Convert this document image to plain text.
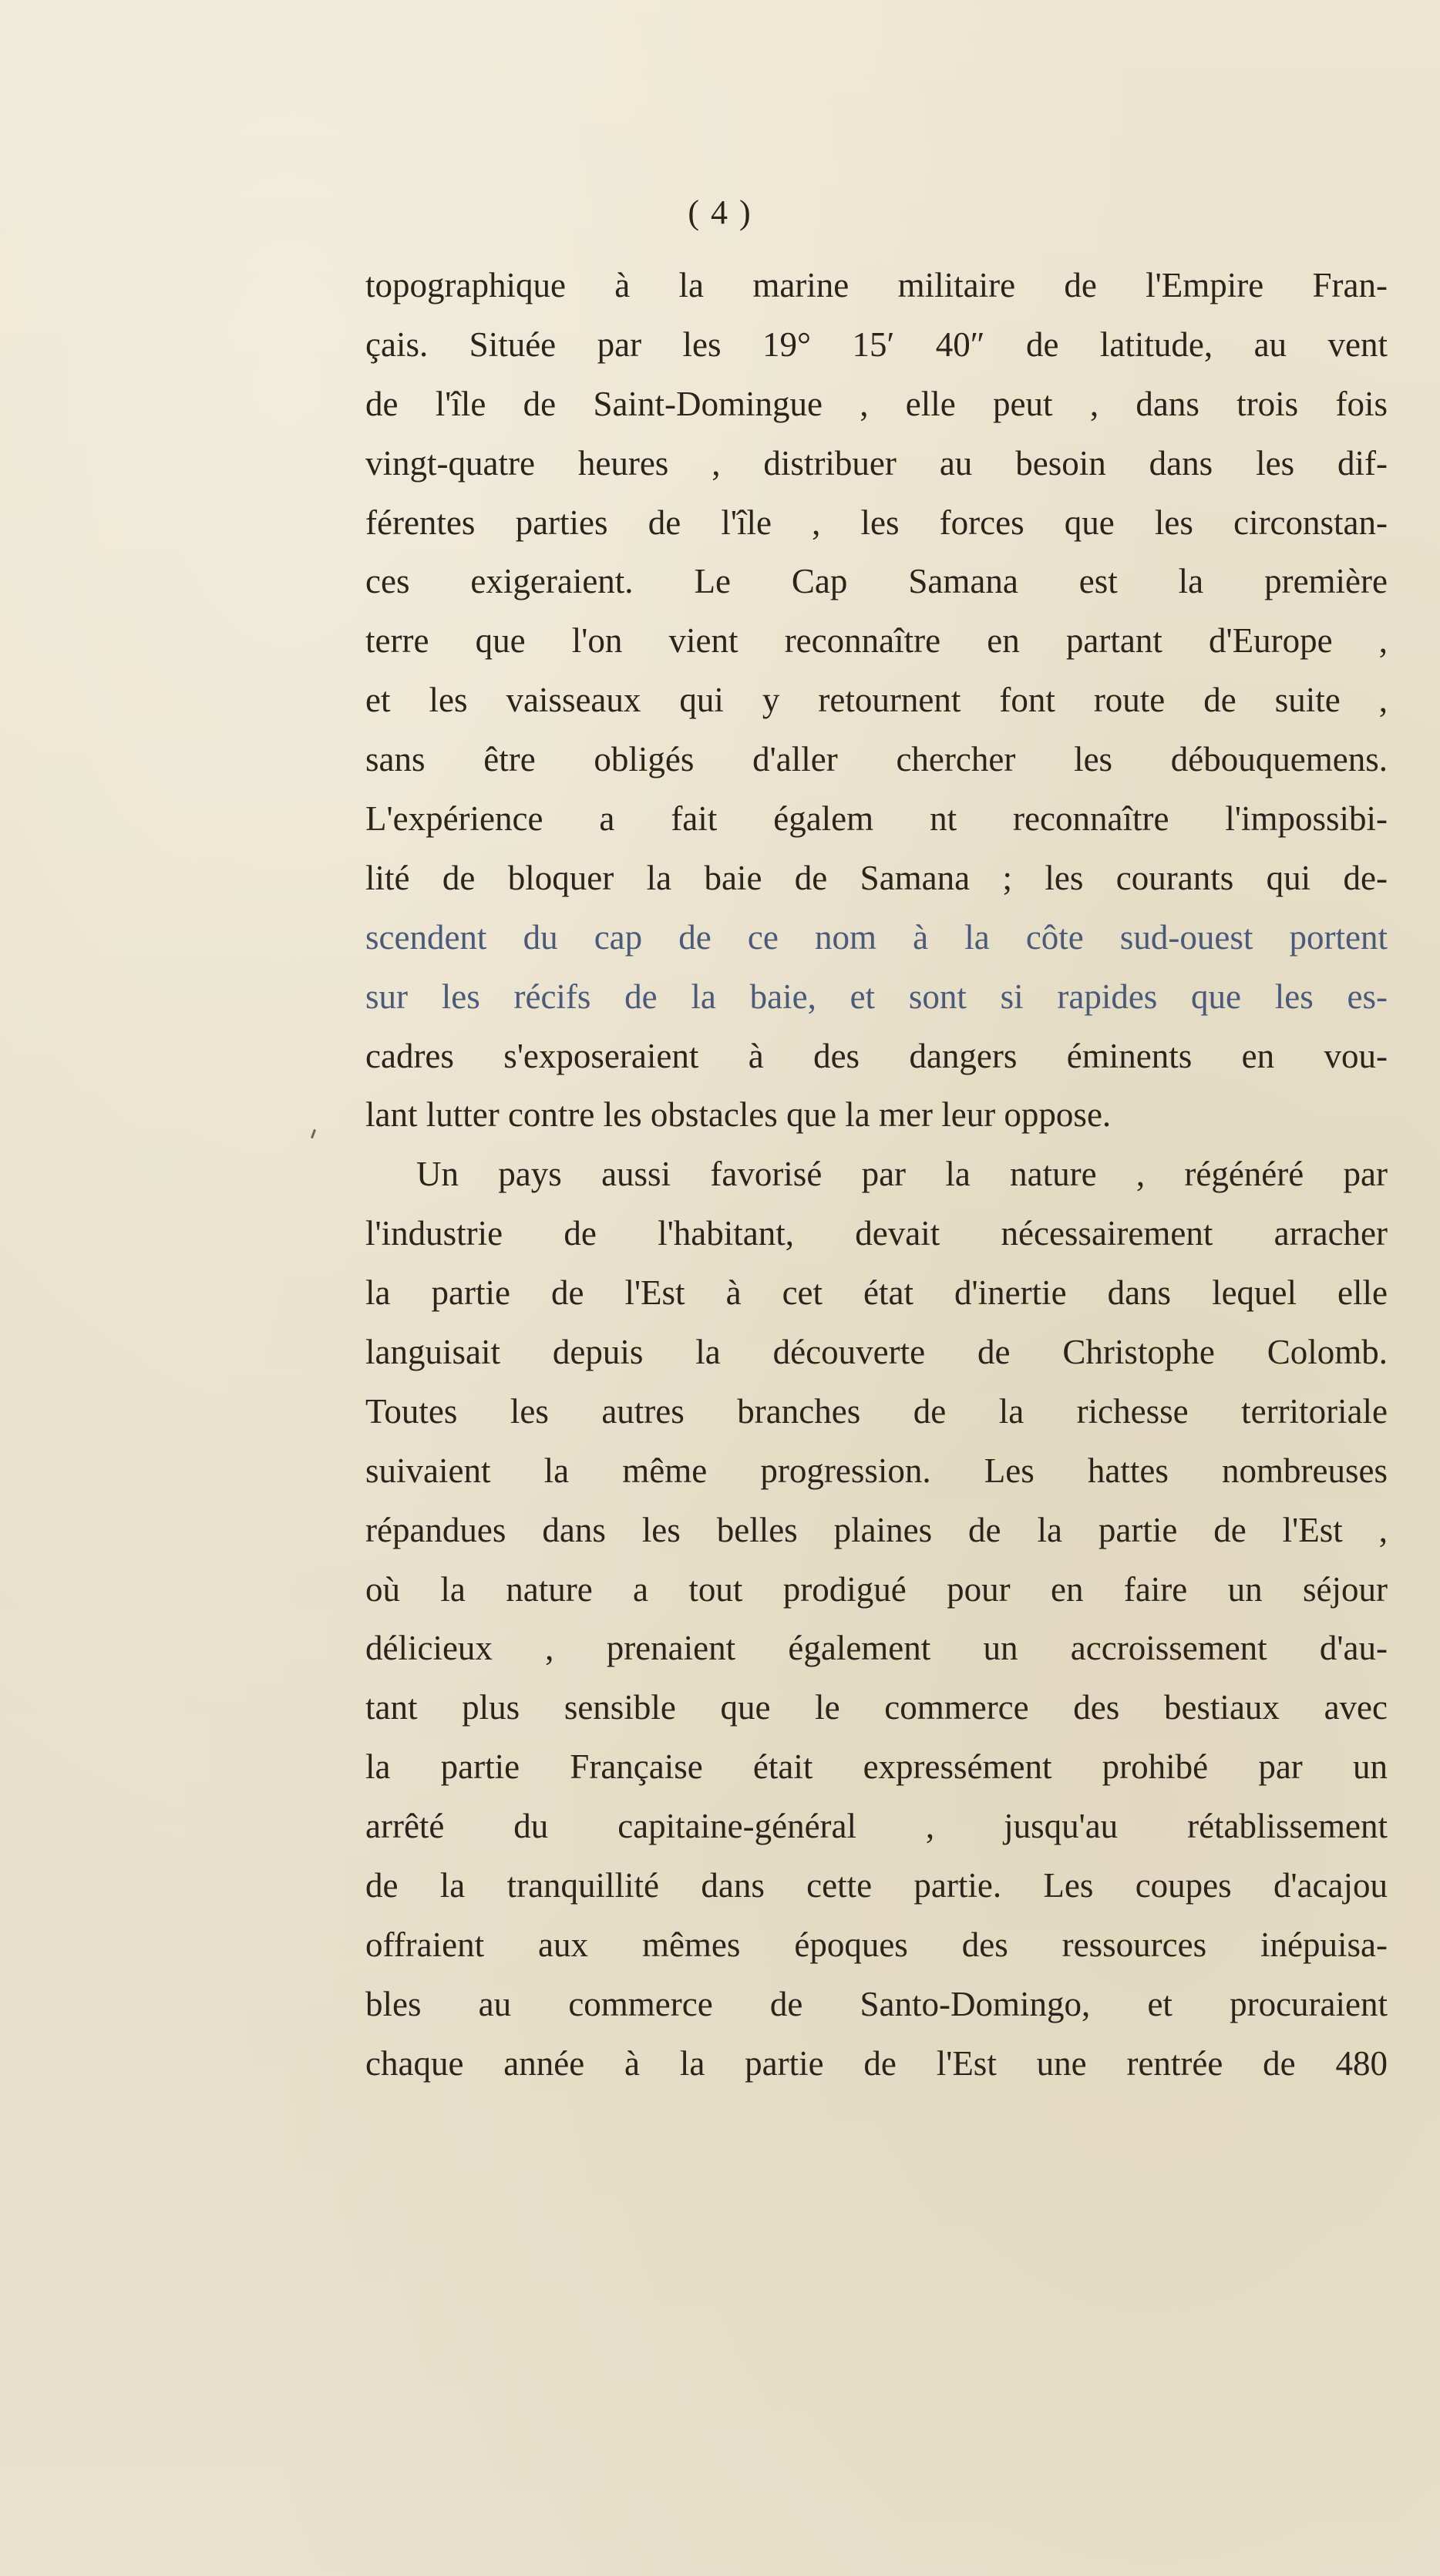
( 4 )
topographique à la marine militaire de l'Empire Fran-
çais. Située par les 19° 15′ 40″ de latitude, au vent
de l'île de Saint-Domingue , elle peut , dans trois fois
vingt-quatre heures , distribuer au besoin dans les dif-
férentes parties de l'île , les forces que les circonstan-
ces exigeraient. Le Cap Samana est la première
terre que l'on vient reconnaître en partant d'Europe ,
et les vaisseaux qui y retournent font route de suite ,
sans être obligés d'aller chercher les débouquemens.
L'expérience a fait égalem nt reconnaître l'impossibi-
lité de bloquer la baie de Samana ; les courants qui de-
scendent du cap de ce nom à la côte sud-ouest portent
sur les récifs de la baie, et sont si rapides que les es-
cadres s'exposeraient à des dangers éminents en vou-
lant lutter contre les obstacles que la mer leur oppose.
Un pays aussi favorisé par la nature , régénéré par
l'industrie de l'habitant, devait nécessairement arracher
la partie de l'Est à cet état d'inertie dans lequel elle
languisait depuis la découverte de Christophe Colomb.
Toutes les autres branches de la richesse territoriale
suivaient la même progression. Les hattes nombreuses
répandues dans les belles plaines de la partie de l'Est ,
où la nature a tout prodigué pour en faire un séjour
délicieux , prenaient également un accroissement d'au-
tant plus sensible que le commerce des bestiaux avec
la partie Française était expressément prohibé par un
arrêté du capitaine-général , jusqu'au rétablissement
de la tranquillité dans cette partie. Les coupes d'acajou
offraient aux mêmes époques des ressources inépuisa-
bles au commerce de Santo-Domingo, et procuraient
chaque année à la partie de l'Est une rentrée de 480
